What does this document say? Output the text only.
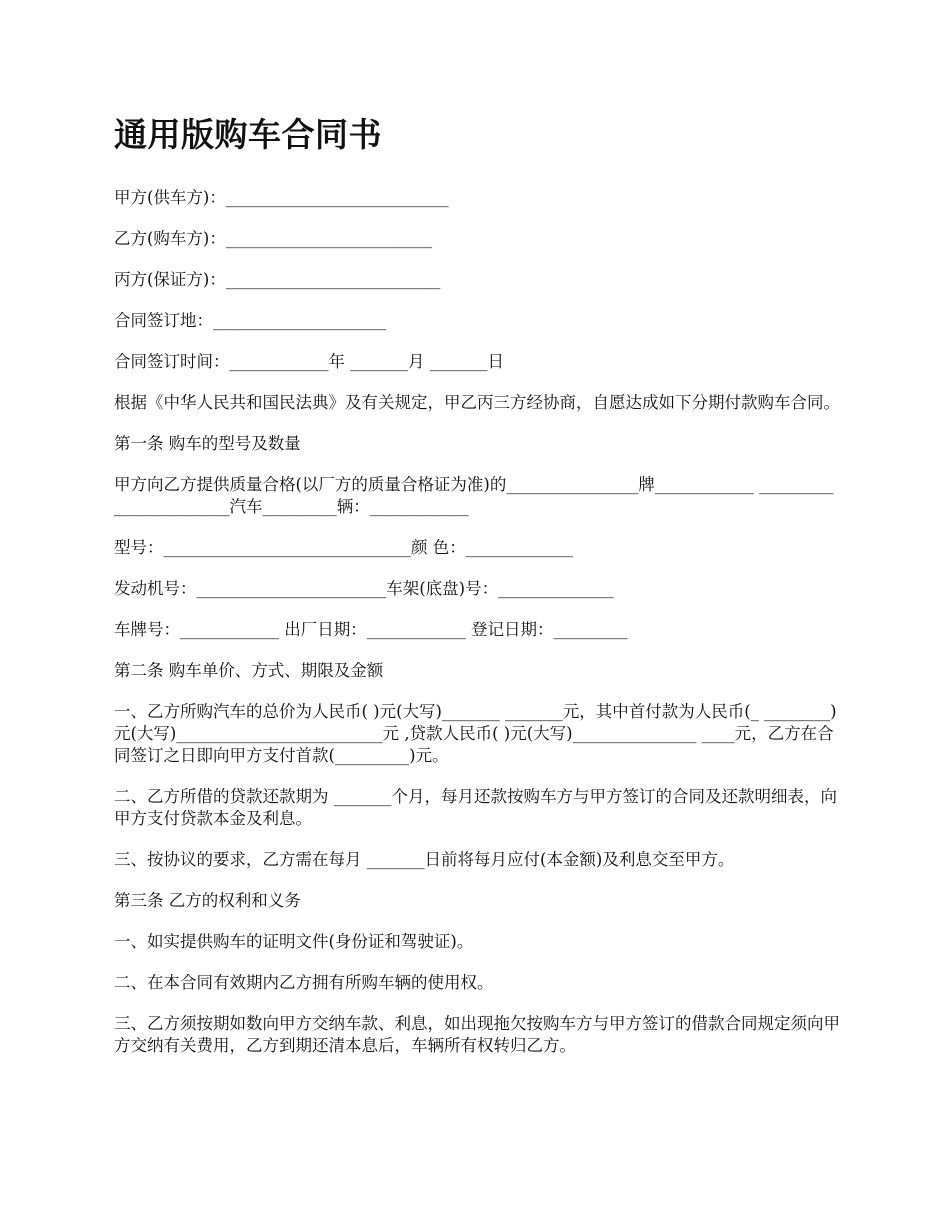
通用版购车合同书

甲方(供车方)：___________________________

乙方(购车方)：_________________________

丙方(保证方)：__________________________

合同签订地：_____________________

合同签订时间：____________年 _______月 _______日

根据《中华人民共和国民法典》及有关规定，甲乙丙三方经协商，自愿达成如下分期付款购车合同。

第一条 购车的型号及数量

甲方向乙方提供质量合格(以厂方的质量合格证为准)的________________牌____________ _______________________汽车_________辆：____________

型号：______________________________颜 色：_____________

发动机号：_______________________车架(底盘)号：______________

车牌号：____________ 出厂日期：____________ 登记日期：_________

第二条 购车单价、方式、期限及金额

一、乙方所购汽车的总价为人民币( )元(大写)_______ _______元，其中首付款为人民币(_ ________)元(大写)_________________________元 ,贷款人民币( )元(大写)_______________ ____元，乙方在合同签订之日即向甲方支付首款(_________)元。

二、乙方所借的贷款还款期为 _______个月，每月还款按购车方与甲方签订的合同及还款明细表，向甲方支付贷款本金及利息。

三、按协议的要求，乙方需在每月 _______日前将每月应付(本金额)及利息交至甲方。

第三条 乙方的权利和义务

一、如实提供购车的证明文件(身份证和驾驶证)。

二、在本合同有效期内乙方拥有所购车辆的使用权。

三、乙方须按期如数向甲方交纳车款、利息，如出现拖欠按购车方与甲方签订的借款合同规定须向甲方交纳有关费用，乙方到期还清本息后，车辆所有权转归乙方。
